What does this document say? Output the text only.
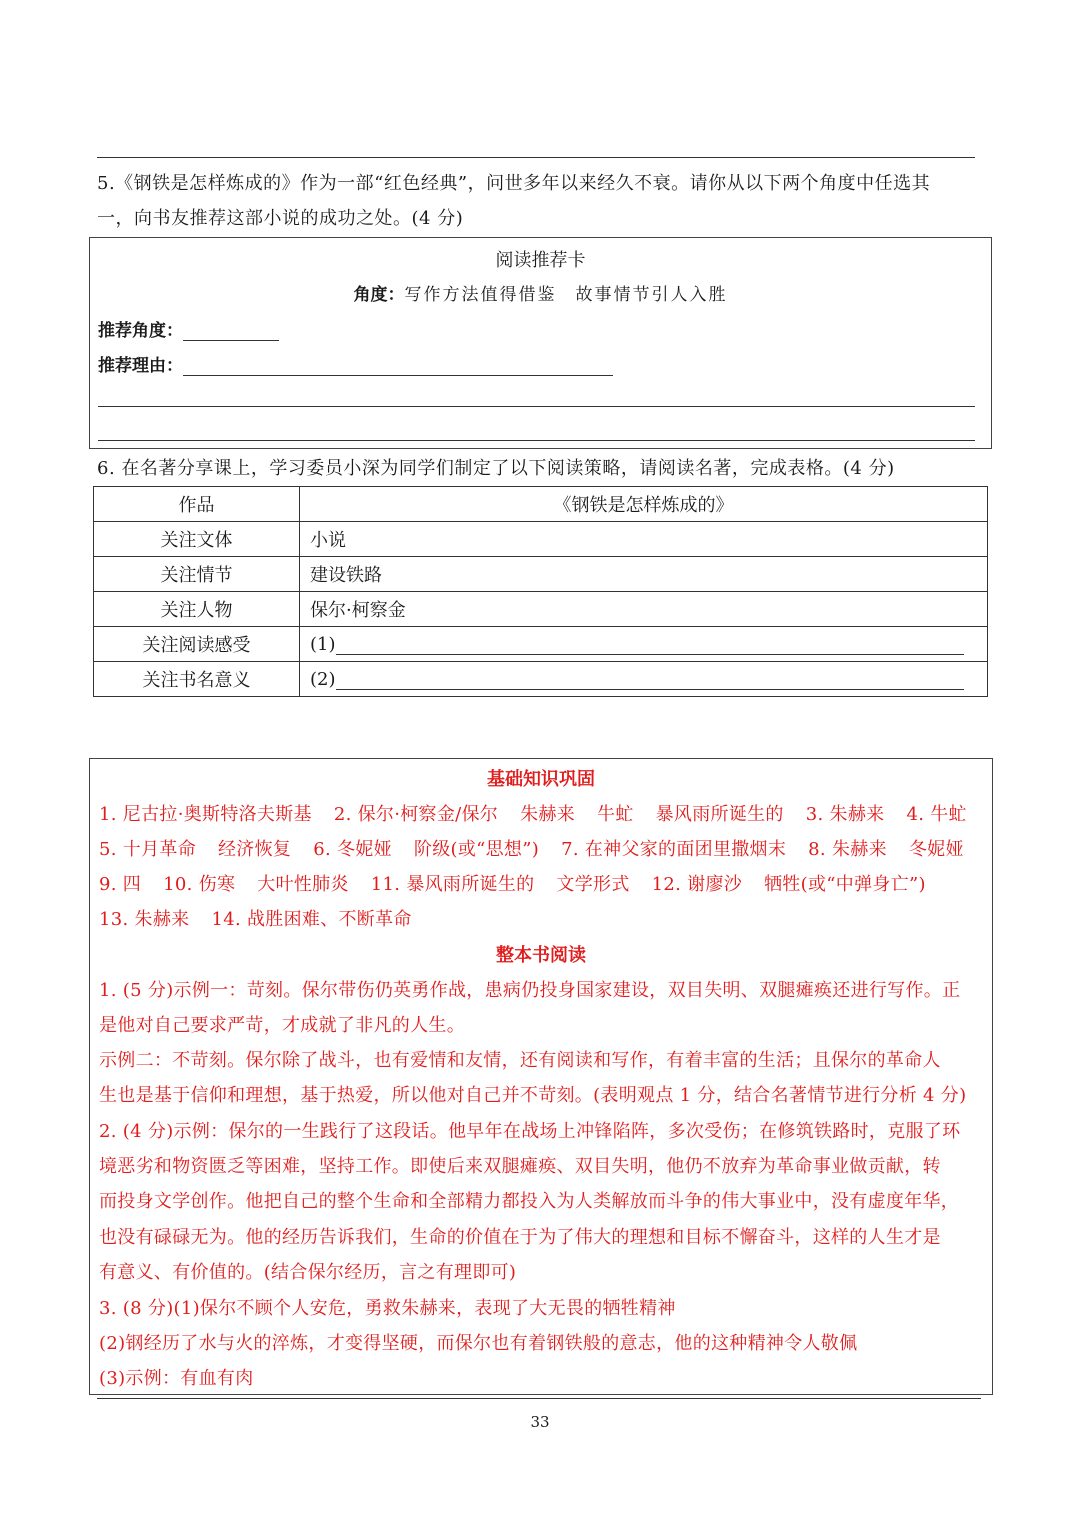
5.《钢铁是怎样炼成的》作为一部“红色经典”，问世多年以来经久不衰。请你从以下两个角度中任选其
一，向书友推荐这部小说的成功之处。(4 分)
阅读推荐卡
角度：写作方法值得借鉴　故事情节引人入胜
推荐角度：
推荐理由：
6. 在名著分享课上，学习委员小深为同学们制定了以下阅读策略，请阅读名著，完成表格。(4 分)
作品	《钢铁是怎样炼成的》
关注文体	小说
关注情节	建设铁路
关注人物	保尔·柯察金
关注阅读感受	(1)
关注书名意义	(2)
基础知识巩固
1. 尼古拉·奥斯特洛夫斯基 2. 保尔·柯察金/保尔 朱赫来 牛虻 暴风雨所诞生的 3. 朱赫来 4. 牛虻
5. 十月革命 经济恢复 6. 冬妮娅 阶级(或“思想”) 7. 在神父家的面团里撒烟末 8. 朱赫来 冬妮娅
9. 四 10. 伤寒 大叶性肺炎 11. 暴风雨所诞生的 文学形式 12. 谢廖沙 牺牲(或“中弹身亡”)
13. 朱赫来 14. 战胜困难、不断革命
整本书阅读
1. (5 分)示例一：苛刻。保尔带伤仍英勇作战，患病仍投身国家建设，双目失明、双腿瘫痪还进行写作。正
是他对自己要求严苛，才成就了非凡的人生。
示例二：不苛刻。保尔除了战斗，也有爱情和友情，还有阅读和写作，有着丰富的生活；且保尔的革命人
生也是基于信仰和理想，基于热爱，所以他对自己并不苛刻。(表明观点 1 分，结合名著情节进行分析 4 分)
2. (4 分)示例：保尔的一生践行了这段话。他早年在战场上冲锋陷阵，多次受伤；在修筑铁路时，克服了环
境恶劣和物资匮乏等困难，坚持工作。即使后来双腿瘫痪、双目失明，他仍不放弃为革命事业做贡献，转
而投身文学创作。他把自己的整个生命和全部精力都投入为人类解放而斗争的伟大事业中，没有虚度年华，
也没有碌碌无为。他的经历告诉我们，生命的价值在于为了伟大的理想和目标不懈奋斗，这样的人生才是
有意义、有价值的。(结合保尔经历，言之有理即可)
3. (8 分)(1)保尔不顾个人安危，勇救朱赫来，表现了大无畏的牺牲精神
(2)钢经历了水与火的淬炼，才变得坚硬，而保尔也有着钢铁般的意志，他的这种精神令人敬佩
(3)示例：有血有肉
33
